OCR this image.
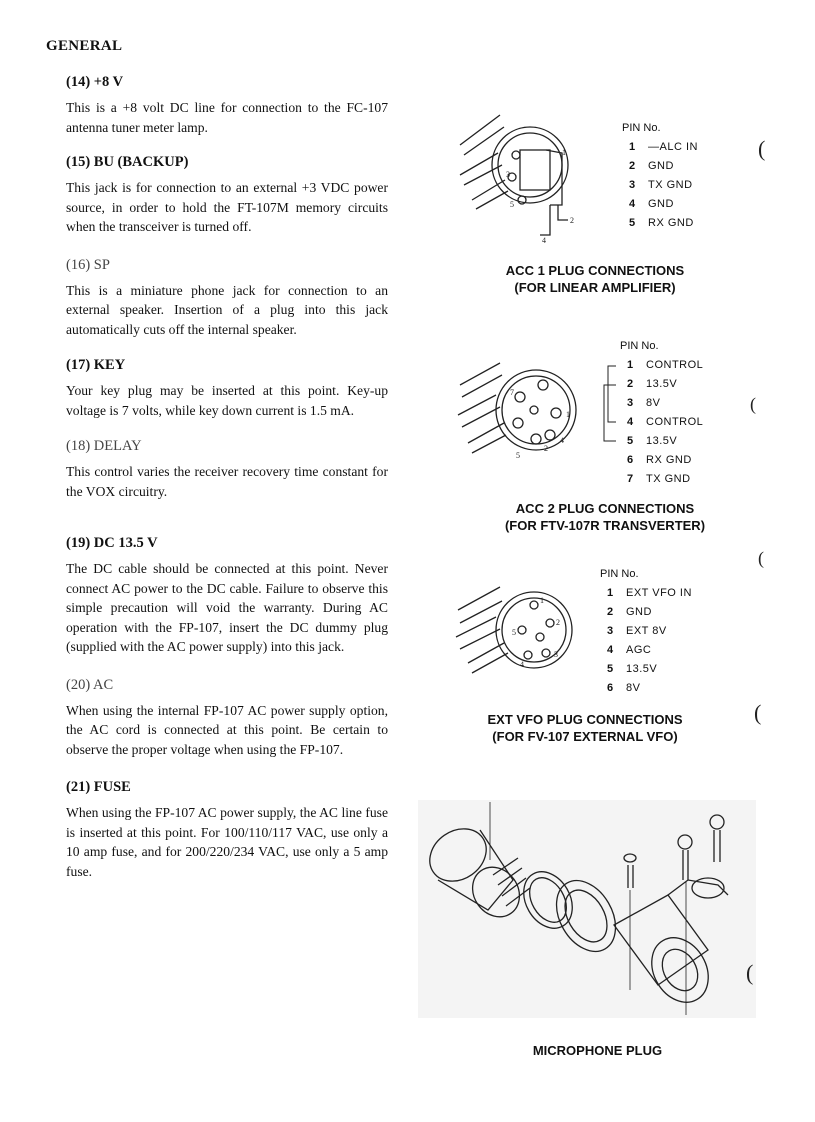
GENERAL
(14) +8 V

This is a +8 volt DC line for connection to the FC-107 antenna tuner meter lamp.

(15) BU (BACKUP)

This jack is for connection to an external +3 VDC power source, in order to hold the FT-107M memory circuits when the transceiver is turned off.

(16) SP

This is a miniature phone jack for connection to an external speaker. Insertion of a plug into this jack automatically cuts off the internal speaker.

(17) KEY

Your key plug may be inserted at this point. Key-up voltage is 7 volts, while key down current is 1.5 mA.

(18) DELAY

This control varies the receiver recovery time constant for the VOX circuitry.

(19) DC 13.5 V

The DC cable should be connected at this point. Never connect AC power to the DC cable. Failure to observe this simple precaution will void the warranty. During AC operation with the FP-107, insert the DC dummy plug (supplied with the AC power supply) into this jack.

(20) AC

When using the internal FP-107 AC power supply option, the AC cord is connected at this point. Be certain to observe the proper voltage when using the FP-107.

(21) FUSE

When using the FP-107 AC power supply, the AC line fuse is inserted at this point. For 100/110/117 VAC, use only a 10 amp fuse, and for 200/220/234 VAC, use only a 5 amp fuse.

1
2
3
4
5
PIN No.
1 —ALC IN
2 GND
3 TX GND
4 GND
5 RX GND
ACC 1 PLUG CONNECTIONS
(FOR LINEAR AMPLIFIER)
7
1
4
5
2
PIN No.
1 CONTROL
2 13.5V
3 8V
4 CONTROL
5 13.5V
6 RX GND
7 TX GND
ACC 2 PLUG CONNECTIONS
(FOR FTV-107R TRANSVERTER)
1
2
3
4
5
PIN No.
1 EXT VFO IN
2 GND
3 EXT 8V
4 AGC
5 13.5V
6 8V
EXT VFO PLUG CONNECTIONS
(FOR FV-107 EXTERNAL VFO)
MICROPHONE PLUG
(
(
(
(
(
